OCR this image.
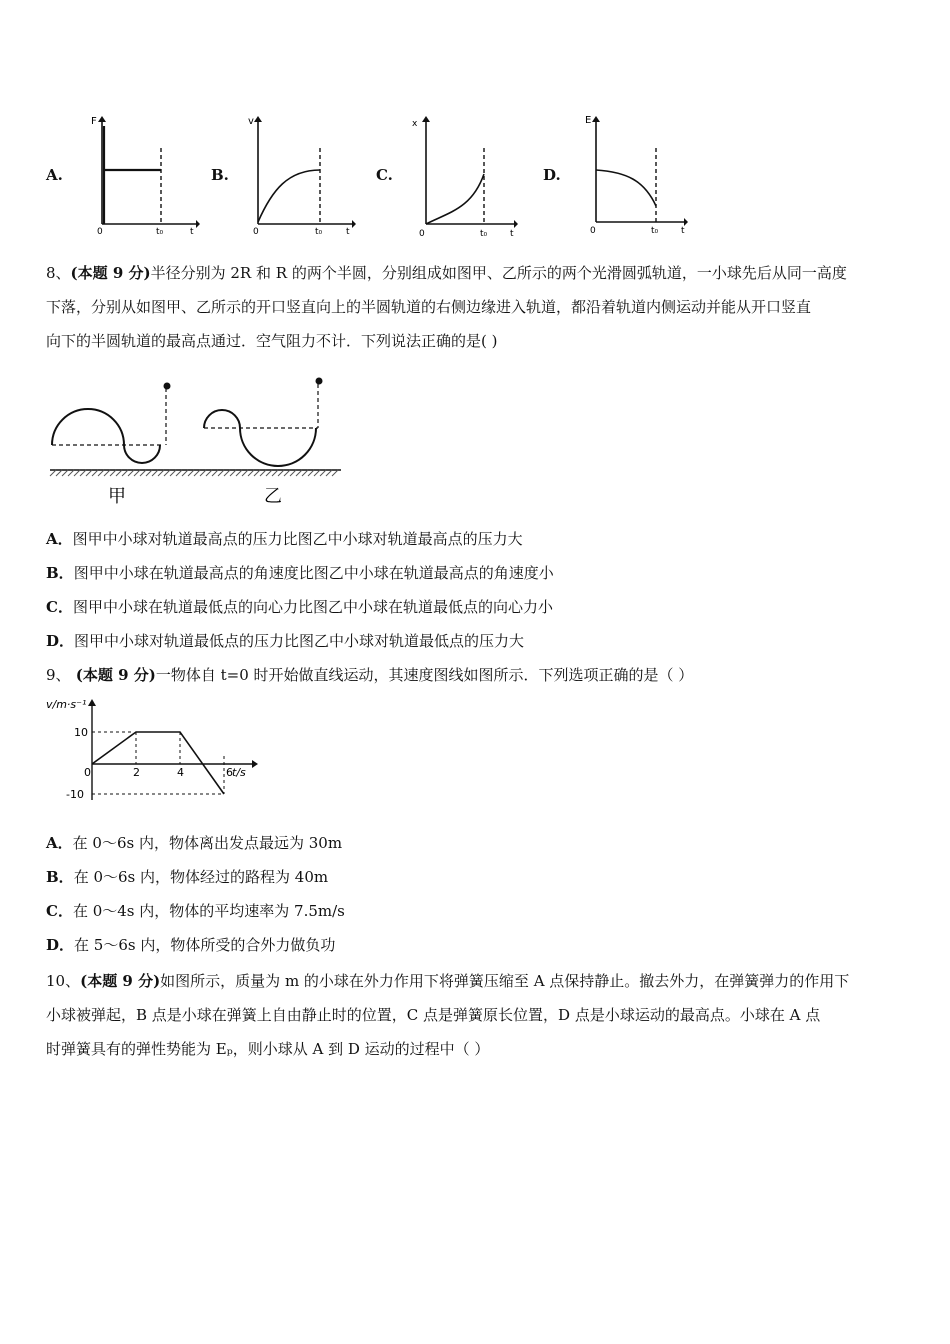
A.
F
0	t₀	t
B.
v
0	t₀	t
C.
x
0	t₀	t
D.
E
0	t₀	t
8、(本题 9 分)半径分别为 2R 和 R 的两个半圆，分别组成如图甲、乙所示的两个光滑圆弧轨道，一小球先后从同一高度
下落，分别从如图甲、乙所示的开口竖直向上的半圆轨道的右侧边缘进入轨道，都沿着轨道内侧运动并能从开口竖直
向下的半圆轨道的最高点通过．空气阻力不计．下列说法正确的是( )
甲	乙
A．图甲中小球对轨道最高点的压力比图乙中小球对轨道最高点的压力大
B．图甲中小球在轨道最高点的角速度比图乙中小球在轨道最高点的角速度小
C．图甲中小球在轨道最低点的向心力比图乙中小球在轨道最低点的向心力小
D．图甲中小球对轨道最低点的压力比图乙中小球对轨道最低点的压力大
9、 (本题 9 分)一物体自 t=0 时开始做直线运动，其速度图线如图所示．下列选项正确的是（ ）
v/m·s⁻¹
t/s
10
-10
0	2	4	6
A．在 0～6s 内，物体离出发点最远为 30m
B．在 0～6s 内，物体经过的路程为 40m
C．在 0～4s 内，物体的平均速率为 7.5m/s
D．在 5～6s 内，物体所受的合外力做负功
10、(本题 9 分)如图所示，质量为 m 的小球在外力作用下将弹簧压缩至 A 点保持静止。撤去外力，在弹簧弹力的作用下
小球被弹起，B 点是小球在弹簧上自由静止时的位置，C 点是弹簧原长位置，D 点是小球运动的最高点。小球在 A 点
时弹簧具有的弹性势能为 Eₚ，则小球从 A 到 D 运动的过程中（ ）
